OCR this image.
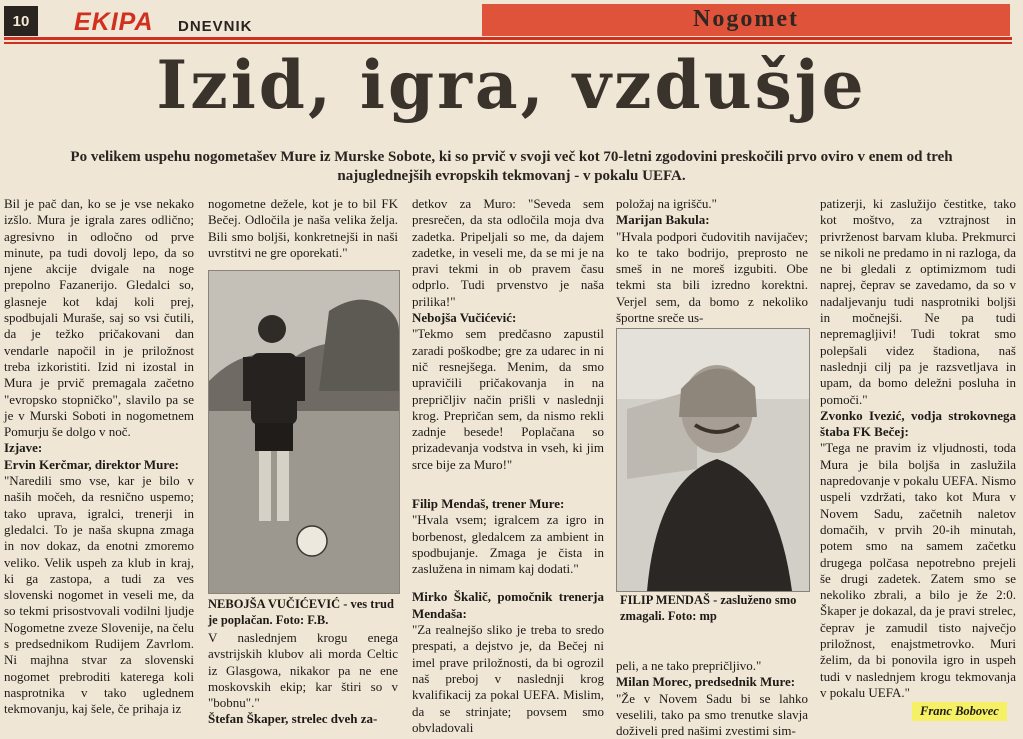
10	EKIPA DNEVNIK	Nogomet
Izid, igra, vzdušje
Po velikem uspehu nogometašev Mure iz Murske Sobote, ki so prvič v svoji več kot 70-letni zgodovini preskočili prvo oviro v enem od treh najuglednejših evropskih tekmovanj - v pokalu UEFA.

Bil je pač dan, ko se je vse nekako izšlo. Mura je igrala zares odlično; agresivno in odločno od prve minute, pa tudi dovolj lepo, da so njene akcije dvigale na noge prepolno Fazanerijo. Gledalci so, glasneje kot kdaj koli prej, spodbujali Muraše, saj so vsi čutili, da je težko pričakovani dan vendarle napočil in je priložnost treba izkoristiti. Izid ni izostal in Mura je prvič premagala začetno "evropsko stopničko", slavilo pa se je v Murski Soboti in nogometnem Pomurju še dolgo v noč.

Izjave:

Ervin Kerčmar, direktor Mure:

"Naredili smo vse, kar je bilo v naših močeh, da resnično uspemo; tako uprava, igralci, trenerji in gledalci. To je naša skupna zmaga in nov dokaz, da enotni zmoremo veliko. Velik uspeh za klub in kraj, ki ga zastopa, a tudi za ves slovenski nogomet in veseli me, da so tekmi prisostvovali vodilni ljudje Nogometne zveze Slovenije, na čelu s predsednikom Rudijem Zavrlom. Ni majhna stvar za slovenski nogomet prebroditi katerega koli nasprotnika v tako uglednem tekmovanju, kaj šele, če prihaja iz

nogometne dežele, kot je to bil FK Bečej. Odločila je naša velika želja. Bili smo boljši, konkretnejši in naši uvrstitvi ne gre oporekati."

NEBOJŠA VUČIĆEVIĆ - ves trud je poplačan. Foto: F.B.

V naslednjem krogu enega avstrijskih klubov ali morda Celtic iz Glasgowa, nikakor pa ne ene moskovskih ekip; kar štiri so v "bobnu"."

Štefan Škaper, strelec dveh za-

detkov za Muro: "Seveda sem presrečen, da sta odločila moja dva zadetka. Pripeljali so me, da dajem zadetke, in veseli me, da se mi je na pravi tekmi in ob pravem času odprlo. Tudi prvenstvo je naša prilika!"

Nebojša Vučićević:

"Tekmo sem predčasno zapustil zaradi poškodbe; gre za udarec in ni nič resnejšega. Menim, da smo upravičili pričakovanja in na prepričljiv način prišli v naslednji krog. Prepričan sem, da nismo rekli zadnje besede! Poplačana so prizadevanja vodstva in vseh, ki jim srce bije za Muro!"

Filip Mendaš, trener Mure:

"Hvala vsem; igralcem za igro in borbenost, gledalcem za ambient in spodbujanje. Zmaga je čista in zaslužena in nimam kaj dodati."

Mirko Škalič, pomočnik trenerja Mendaša:

"Za realnejšo sliko je treba to sredo prespati, a dejstvo je, da Bečej ni imel prave priložnosti, da bi ogrozil naš preboj v naslednji krog kvalifikacij za pokal UEFA. Mislim, da se strinjate; povsem smo obvladovali

položaj na igrišču."

Marijan Bakula:

"Hvala podpori čudovitih navijačev; ko te tako bodrijo, preprosto ne smeš in ne moreš izgubiti. Obe tekmi sta bili izredno korektni. Verjel sem, da bomo z nekoliko športne sreče us-

FILIP MENDAŠ - zasluženo smo zmagali. Foto: mp

peli, a ne tako prepričljivo."

Milan Morec, predsednik Mure:

"Že v Novem Sadu bi se lahko veselili, tako pa smo trenutke slavja doživeli pred našimi zvestimi sim-

patizerji, ki zaslužijo čestitke, tako kot moštvo, za vztrajnost in privrženost barvam kluba. Prekmurci se nikoli ne predamo in ni razloga, da ne bi gledali z optimizmom tudi naprej, čeprav se zavedamo, da so v nadaljevanju tudi nasprotniki boljši in močnejši. Ne pa tudi nepremagljivi! Tudi tokrat smo polepšali videz štadiona, naš naslednji cilj pa je razsvetljava in upam, da bomo deležni posluha in pomoči."

Zvonko Ivezić, vodja strokovnega štaba FK Bečej:

"Tega ne pravim iz vljudnosti, toda Mura je bila boljša in zaslužila napredovanje v pokalu UEFA. Nismo uspeli vzdržati, tako kot Mura v Novem Sadu, začetnih naletov domačih, v prvih 20-ih minutah, potem smo na samem začetku drugega polčasa nepotrebno prejeli še drugi zadetek. Zatem smo se nekoliko zbrali, a bilo je že 2:0. Škaper je dokazal, da je pravi strelec, čeprav je zamudil tisto največjo priložnost, enajstmetrovko. Muri želim, da bi ponovila igro in uspeh tudi v naslednjem krogu tekmovanja v pokalu UEFA."

Franc Bobovec
